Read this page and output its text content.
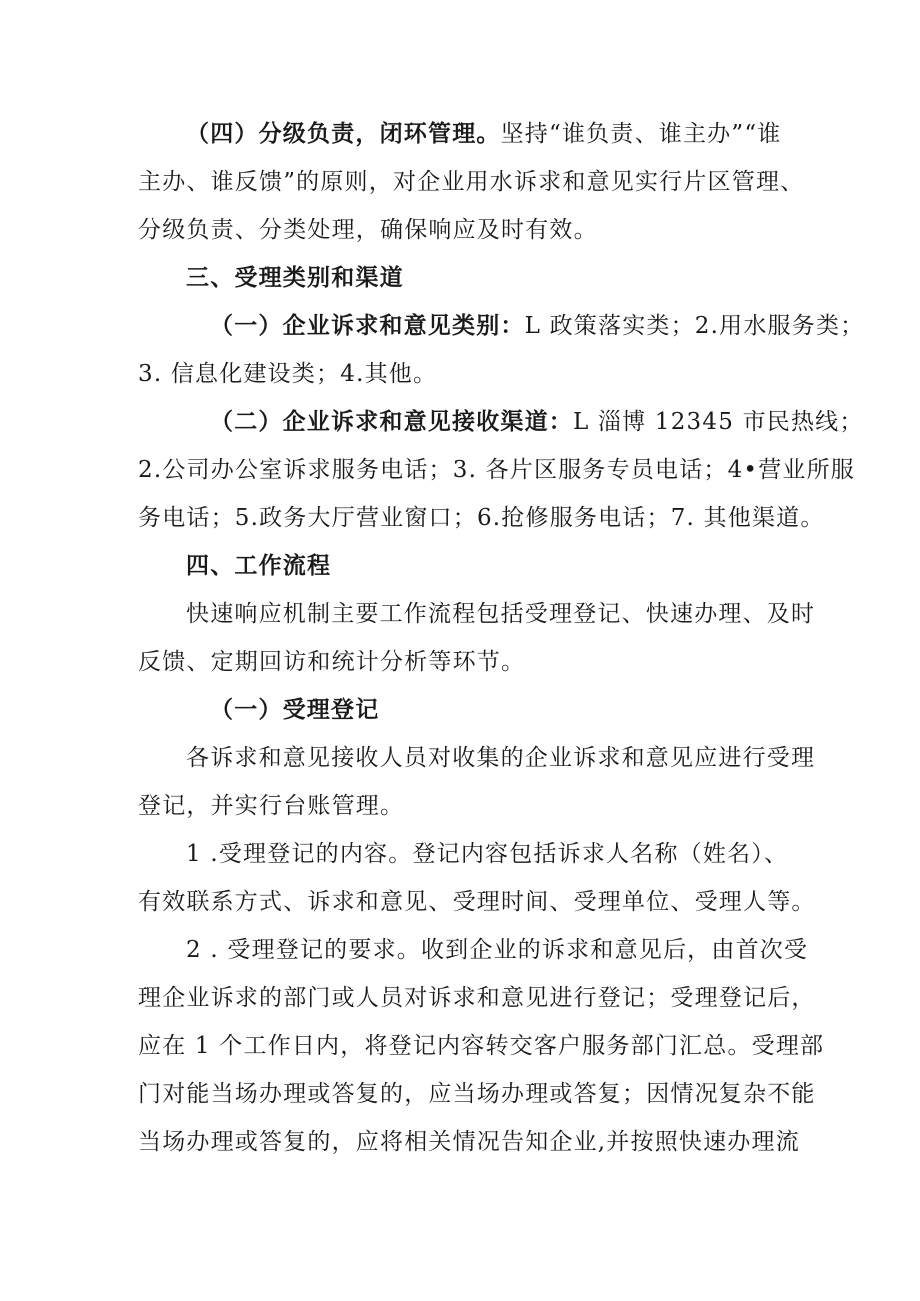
（四）分级负责，闭环管理。坚持“谁负责、谁主办”“谁
主办、谁反馈”的原则，对企业用水诉求和意见实行片区管理、
分级负责、分类处理，确保响应及时有效。
三、受理类别和渠道
（一）企业诉求和意见类别：L 政策落实类；2.用水服务类；
3. 信息化建设类；4.其他。
（二）企业诉求和意见接收渠道：L 淄博 12345 市民热线；
2.公司办公室诉求服务电话；3. 各片区服务专员电话；4•营业所服
务电话；5.政务大厅营业窗口；6.抢修服务电话；7. 其他渠道。
四、工作流程
快速响应机制主要工作流程包括受理登记、快速办理、及时
反馈、定期回访和统计分析等环节。
（一）受理登记
各诉求和意见接收人员对收集的企业诉求和意见应进行受理
登记，并实行台账管理。
1 .受理登记的内容。登记内容包括诉求人名称（姓名）、
有效联系方式、诉求和意见、受理时间、受理单位、受理人等。
2 . 受理登记的要求。收到企业的诉求和意见后，由首次受
理企业诉求的部门或人员对诉求和意见进行登记；受理登记后，
应在 1 个工作日内，将登记内容转交客户服务部门汇总。受理部
门对能当场办理或答复的，应当场办理或答复；因情况复杂不能
当场办理或答复的，应将相关情况告知企业,并按照快速办理流
